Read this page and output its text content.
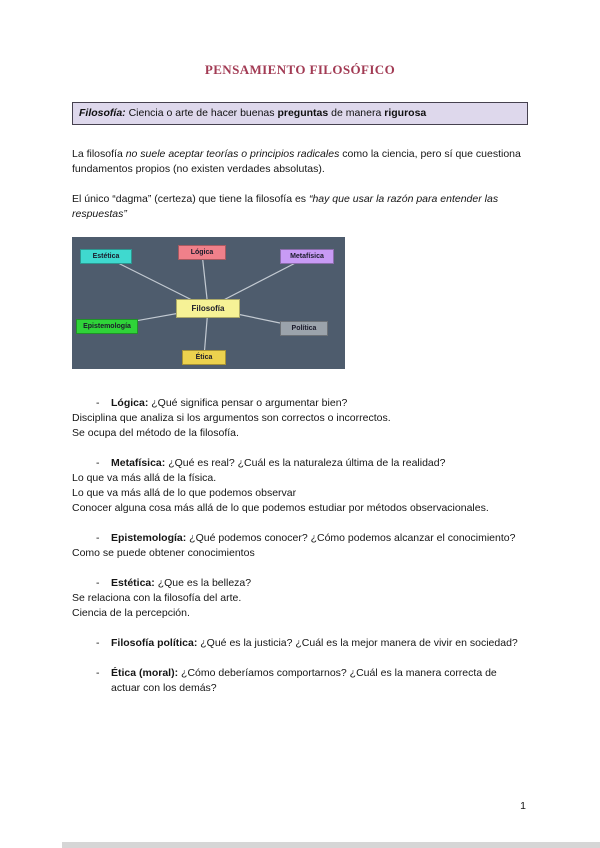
PENSAMIENTO FILOSÓFICO
Filosofía: Ciencia o arte de hacer buenas preguntas de manera rigurosa

La filosofía no suele aceptar teorías o principios radicales como la ciencia, pero sí que cuestiona fundamentos propios (no existen verdades absolutas).

El único “dagma” (certeza) que tiene la filosofía es “hay que usar la razón para entender las respuestas”

Estética
Lógica
Metafísica
Filosofía
Epistemología	Política
Ética
-	Lógica: ¿Qué significa pensar o argumentar bien?

Disciplina que analiza si los argumentos son correctos o incorrectos.

Se ocupa del método de la filosofía.

-	Metafísica: ¿Qué es real? ¿Cuál es la naturaleza última de la realidad?

Lo que va más allá de la física.

Lo que va más allá de lo que podemos observar

Conocer alguna cosa más allá de lo que podemos estudiar por métodos observacionales.

-	Epistemología: ¿Qué podemos conocer? ¿Cómo podemos alcanzar el conocimiento?

Como se puede obtener conocimientos

-	Estética: ¿Que es la belleza?

Se relaciona con la filosofía del arte.

Ciencia de la percepción.

-	Filosofía política: ¿Qué es la justicia? ¿Cuál es la mejor manera de vivir en sociedad?
-	Ética (moral): ¿Cómo deberíamos comportarnos? ¿Cuál es la manera correcta de actuar con los demás?
1
